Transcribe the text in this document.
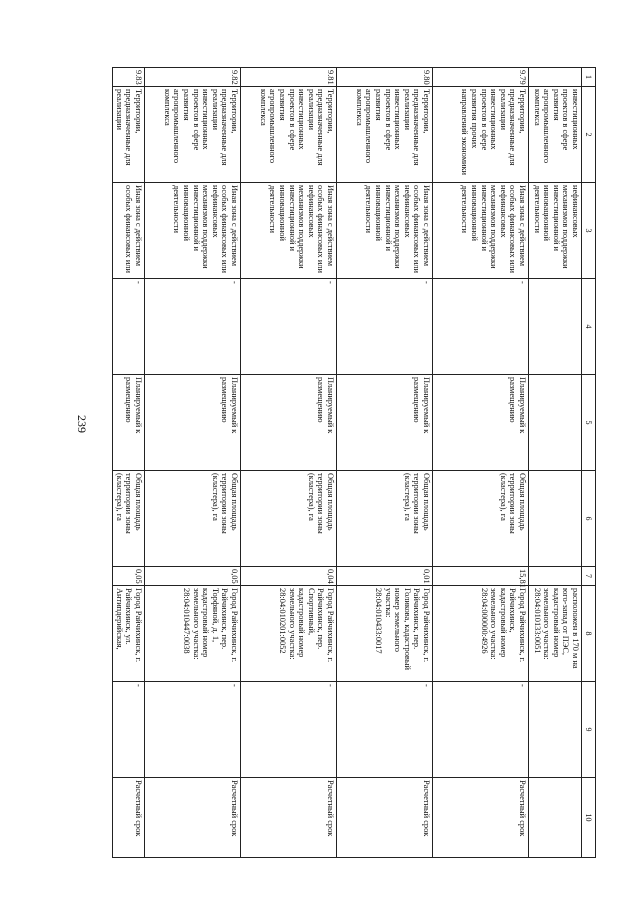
239
1	2	3	4	5	6	7	8	9	10
	инвестиционных проектов в сфере развития агропромышленного комплекса	нефинансовых механизмов поддержки инвестиционной и инновационной деятельности					расположен в 170 м на юго-запад от ПЭС, кадастровый номер земельного участка: 28:04:010133:0051		
9.79	Территории, предназначенные для реализации инвестиционных проектов в сфере развития прочих направлений экономики	Иная зона с действием особых финансовых или нефинансовых механизмов поддержки инвестиционной и инновационной деятельности	-	Планируемый к размещению	Общая площадь территории зоны (кластера), га	15,81	Город Райчихинск, г. Райчихинск, кадастровый номер земельного участка: 28:04:000000:4926	-	Расчетный срок
9.80	Территории, предназначенные для реализации инвестиционных проектов в сфере развития агропромышленного комплекса	Иная зона с действием особых финансовых или нефинансовых механизмов поддержки инвестиционной и инновационной деятельности	-	Планируемый к размещению	Общая площадь территории зоны (кластера), га	0,01	Город Райчихинск, г. Райчихинск, пер. Голикова, кадастровый номер земельного участка: 28:04:010433:0017	-	Расчетный срок
9.81	Территории, предназначенные для реализации инвестиционных проектов в сфере развития агропромышленного комплекса	Иная зона с действием особых финансовых или нефинансовых механизмов поддержки инвестиционной и инновационной деятельности	-	Планируемый к размещению	Общая площадь территории зоны (кластера), га	0,04	Город Райчихинск, г. Райчихинск, пер. Спортивный, кадастровый номер земельного участка: 28:04:010201:0052	-	Расчетный срок
9.82	Территории, предназначенные для реализации инвестиционных проектов в сфере развития агропромышленного комплекса	Иная зона с действием особых финансовых или нефинансовых механизмов поддержки инвестиционной и инновационной деятельности	-	Планируемый к размещению	Общая площадь территории зоны (кластера), га	0,05	Город Райчихинск, г. Райчихинск, пер. Торфяной, д. 1, кадастровый номер земельного участка: 28:04:010447:0038	-	Расчетный срок
9.83	Территории, предназначенные для реализации	Иная зона с действием особых финансовых или	-	Планируемый к размещению	Общая площадь территории зоны (кластера), га	0,05	Город Райчихинск, г. Райчихинск, ул. Антипдерийская,	-	Расчетный срок
